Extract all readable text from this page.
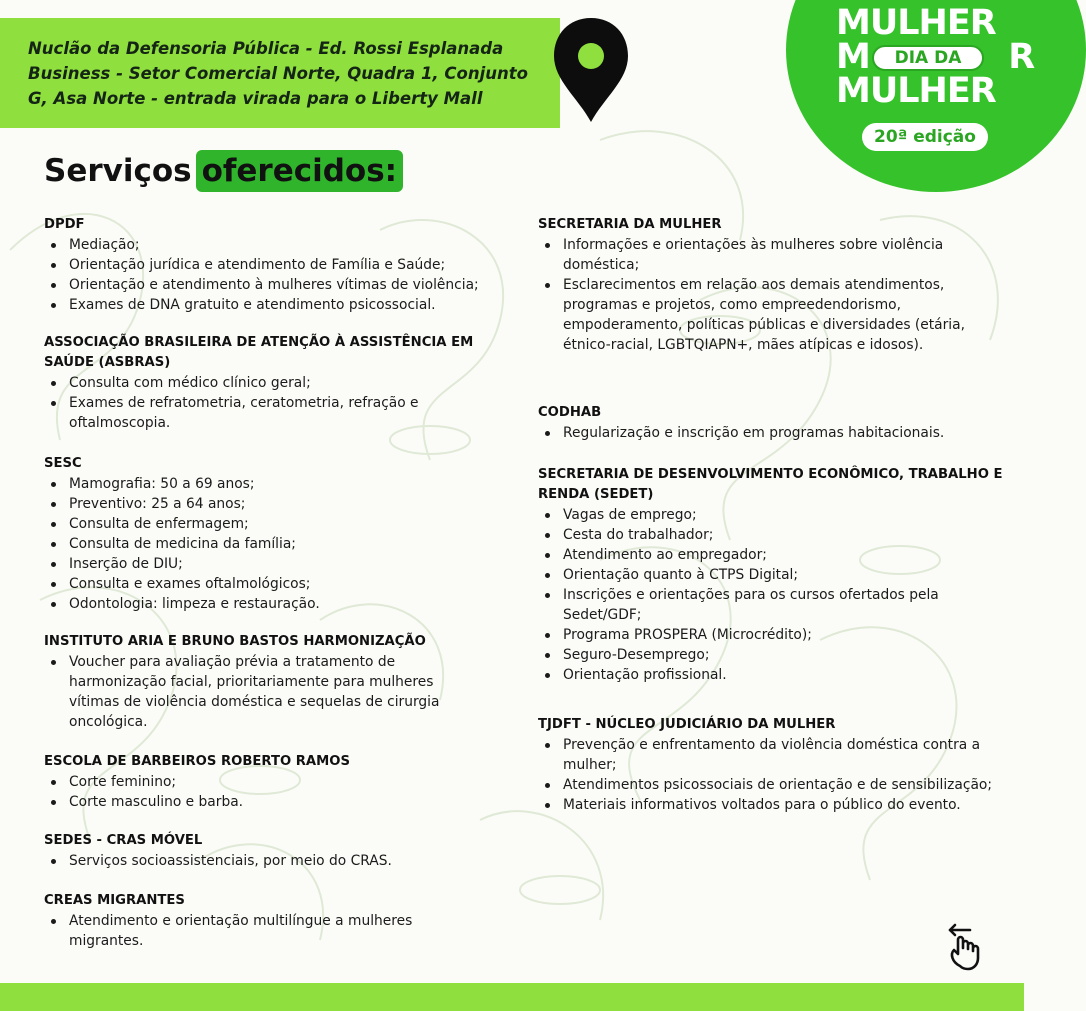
Nuclão da Defensoria Pública - Ed. Rossi Esplanada Business - Setor Comercial Norte, Quadra 1, Conjunto G, Asa Norte - entrada virada para o Liberty Mall
MULHER
M	R
DIA DA
MULHER
20ª edição
Serviços oferecidos:
DPDF
Mediação;
Orientação jurídica e atendimento de Família e Saúde;
Orientação e atendimento à mulheres vítimas de violência;
Exames de DNA gratuito e atendimento psicossocial.
ASSOCIAÇÃO BRASILEIRA DE ATENÇÃO À ASSISTÊNCIA EM SAÚDE (ASBRAS)
Consulta com médico clínico geral;
Exames de refratometria, ceratometria, refração e oftalmoscopia.
SESC
Mamografia: 50 a 69 anos;
Preventivo: 25 a 64 anos;
Consulta de enfermagem;
Consulta de medicina da família;
Inserção de DIU;
Consulta e exames oftalmológicos;
Odontologia: limpeza e restauração.
INSTITUTO ARIA E BRUNO BASTOS HARMONIZAÇÃO
Voucher para avaliação prévia a tratamento de harmonização facial, prioritariamente para mulheres vítimas de violência doméstica e sequelas de cirurgia oncológica.
ESCOLA DE BARBEIROS ROBERTO RAMOS
Corte feminino;
Corte masculino e barba.
SEDES - CRAS MÓVEL
Serviços socioassistenciais, por meio do CRAS.
CREAS MIGRANTES
Atendimento e orientação multilíngue a mulheres migrantes.
SECRETARIA DA MULHER
Informações e orientações às mulheres sobre violência doméstica;
Esclarecimentos em relação aos demais atendimentos, programas e projetos, como empreedendorismo, empoderamento, políticas públicas e diversidades (etária, étnico-racial, LGBTQIAPN+, mães atípicas e idosos).
CODHAB
Regularização e inscrição em programas habitacionais.
SECRETARIA DE DESENVOLVIMENTO ECONÔMICO, TRABALHO E RENDA (SEDET)
Vagas de emprego;
Cesta do trabalhador;
Atendimento ao empregador;
Orientação quanto à CTPS Digital;
Inscrições e orientações para os cursos ofertados pela Sedet/GDF;
Programa PROSPERA (Microcrédito);
Seguro-Desemprego;
Orientação profissional.
TJDFT - NÚCLEO JUDICIÁRIO DA MULHER
Prevenção e enfrentamento da violência doméstica contra a mulher;
Atendimentos psicossociais de orientação e de sensibilização;
Materiais informativos voltados para o público do evento.
